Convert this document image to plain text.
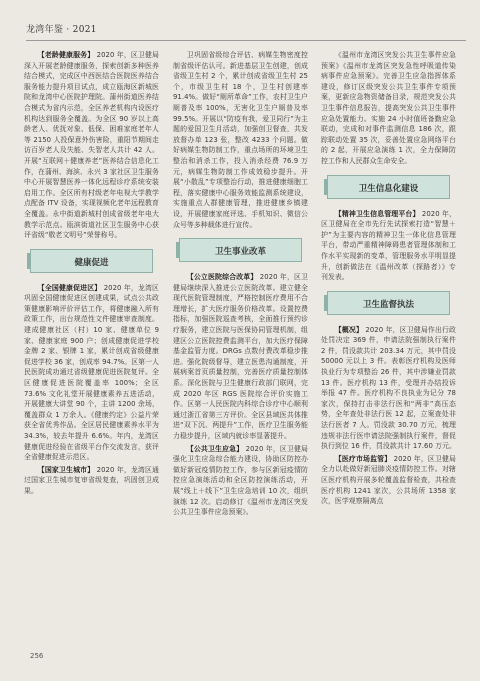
龙湾年鉴 · 2021

【老龄健康服务】 2020 年，区卫健局深入开展老龄健康服务，探索创新多种医养结合模式，完成区中西医结合医院医养结合服务能力提升项目试点，成立瓯海区新城医院和龙湾中心医院护理院。蒲州街道医养结合模式为省内示范，全区养老机构内设医疗机构达到服务全覆盖。为全区 90 岁以上高龄老人、优抚对象、低保、困难家庭老年人等 2150 人投保意外伤害险，重阳节期间走访百岁老人及失能、失智老人共计 42 人。开展“互联网＋健康养老”医养结合信息化工作，在蒲州、海滨、永兴 3 家社区卫生服务中心开展智慧医养一体化远程诊疗系统安装启用工作。全区所有村级老年电视大学教学点配备 ITV 设备，实现视频化老年远程教育全覆盖。永中街道新城村创成省级老年电大教学示范点。瓯滨街道社区卫生服务中心获评省级“敬老文明号”荣誉称号。

健康促进

【全国健康促进区】 2020 年，龙湾区巩固全国健康促进区创建成果，试点公共政策健康影响评价评估工作，将健康融入所有政策工作，出台规范性文件健康审查制度。建成健康社区（村）10 家、健康单位 9 家、健康家庭 900 户；创成健康促进学校金牌 2 家、银牌 1 家，累计创成省级健康促进学校 36 家，创成率 94.7%。区第一人民医院成功通过省级健康促进医院复评。全区健康促进医院覆盖率 100%；全区 73.6% 文化礼堂开展健康素养五进活动，开展健康大讲堂 90 个，主讲 1200 余场，覆盖群众 1 万余人。《健康约定》公益片荣获全省优秀作品。全区居民健康素养水平为 34.3%，较去年提升 6.6%。年内，龙湾区健康促进经验在省级平台作交流发言，获评全省健康促进示范区。

【国家卫生城市】 2020 年，龙湾区通过国家卫生城市复审省级复查，巩固创卫成果。

卫巩固省级综合评估、病媒生物密度控制省级评估认可。新进基层卫生创建，创成省级卫生村 2 个，累计创成省级卫生村 25 个，市级卫生村 18 个，卫生村创建率 91.4%。做好“厕所革命”工作，农村卫生户厕普及率 100%，无害化卫生户厕普及率 99.5%。开展以“防疫有我，爱卫同行”为主题的爱国卫生月活动，加强创卫督查，共发放督办单 123 张，整改 4233 个问题。做好病媒生物防制工作，重点场所的环境卫生整治和消杀工作，投入消杀经费 76.9 万元，病媒生物防制工作成效稳步提升。开展“小散乱”专项整治行动，推进健康细胞工程，落实健康中心服务效能监测系统建设，实施重点人群健康管理，推进健康乡镇建设，开展健康家庭评选、手机知识、微信公众号等多种载体进行宣传。

卫生事业改革

【公立医院综合改革】 2020 年，区卫健局继续深入推进公立医院改革。建立健全现代医院管理制度，严格控制医疗费用不合理增长，扩大医疗服务价格改革。设置控费指标，加强医院巡查考核，全面推行预约诊疗服务，建立医院与医保协同管理机制，组建区公立医院控费监测平台，加大医疗保障基金监管力度。DRGs 点数付费改革稳步推进。强化院级督导，建立医患沟通制度，开展病案首页质量控制，完善医疗质量控制体系。深化医院与卫生健康行政部门联网，完成 2020 年区 RGS 医院综合评价实施工作。区第一人民医院内科综合诊疗中心顺利通过浙江省第三方评价。全区县域医共体推进“双下沉、两提升”工作，医疗卫生服务能力稳步提升，区域内就诊率显著提升。

【公共卫生应急】 2020 年，区卫健局强化卫生应急综合能力建设，协助区防控办做好新冠疫情防控工作，参与区新冠疫情防控应急演练活动和全区防控演练活动，开展“线上＋线下”卫生应急培训 10 次，组织演练 12 次。启动修订《温州市龙湾区突发公共卫生事件应急预案》。

《温州市龙湾区突发公共卫生事件应急预案》《温州市龙湾区突发急性呼吸道传染病事件应急预案》。完善卫生应急指挥体系建设，修订区级突发公共卫生事件专项预案，更新应急物资储备目录，规范突发公共卫生事件信息报告，提高突发公共卫生事件应急处置能力。实施 24 小时值班备勤应急联动，完成和对事件监测信息 186 次，跟踪联动处置 35 次，妥善处置应急网络平台的 2 起，开展应急演练 1 次，全力保障防控工作和人民群众生命安全。

卫生信息化建设

【精神卫生信息管理平台】 2020 年，区卫健局在全市先行先试探索打造“智慧＋护”为主要内容的精神卫生一体化信息管理平台，带动严重精神障碍患者管理体制和工作水平实现新的变革，管理服务水平明显提升，创新做法在《温州改革（探路者）》专刊发表。

卫生监督执法

【概况】 2020 年，区卫健局作出行政处罚决定 369 件，申请法院强制执行案件 2 件，罚没款共计 203.34 万元，其中罚没 50000 元以上 3 件。表彰医疗机构及医师执业行为专项整治 26 件，其中涉嫌业罚款 13 件。医疗机构 13 件，受理并办结投诉举报 47 件。医疗机构不良执业为记分 78 家次，保持打击非法行医和“两非”高压态势，全年查处非法行医 12 起，立案查处非法行医者 7 人。罚没款 30.70 万元，梳理违规非法行医申请法院强制执行案件，督促执行到位 16 件，罚没款共计 17.60 万元。

【医疗市场监管】 2020 年，区卫健局全力以赴做好新冠肺炎疫情防控工作。对辖区医疗机构开展多轮覆盖监督检查，共检查医疗机构 1241 家次，公共场所 1358 家次，医学观察隔离点

256
